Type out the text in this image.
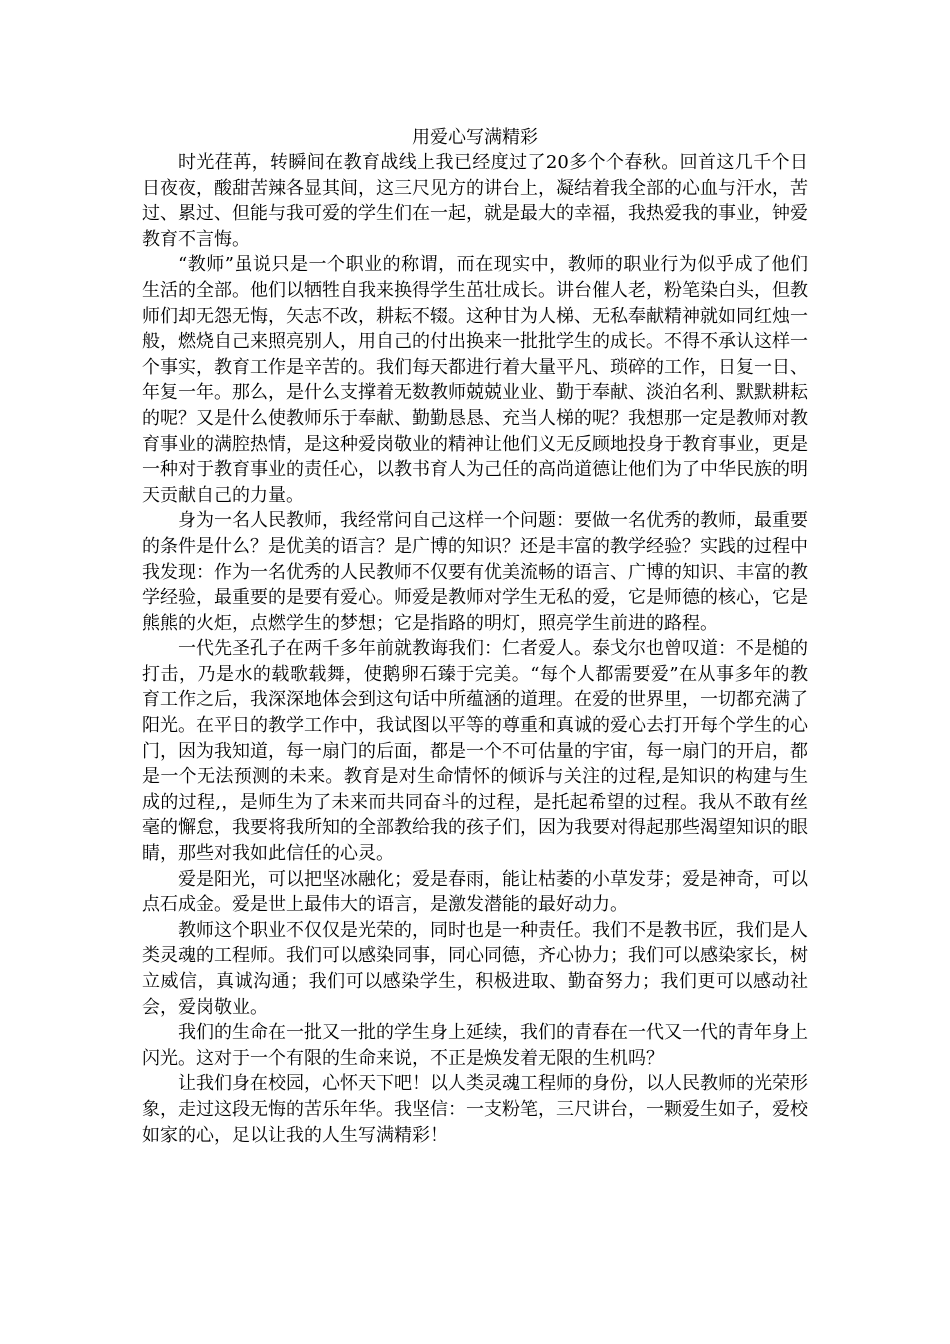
用爱心写满精彩

时光荏苒，转瞬间在教育战线上我已经度过了20多个个春秋。回首这几千个日日夜夜，酸甜苦辣各显其间，这三尺见方的讲台上，凝结着我全部的心血与汗水，苦过、累过、但能与我可爱的学生们在一起，就是最大的幸福，我热爱我的事业，钟爱教育不言悔。

“教师”虽说只是一个职业的称谓，而在现实中，教师的职业行为似乎成了他们生活的全部。他们以牺牲自我来换得学生茁壮成长。讲台催人老，粉笔染白头，但教师们却无怨无悔，矢志不改，耕耘不辍。这种甘为人梯、无私奉献精神就如同红烛一般，燃烧自己来照亮别人，用自己的付出换来一批批学生的成长。不得不承认这样一个事实，教育工作是辛苦的。我们每天都进行着大量平凡、琐碎的工作，日复一日、年复一年。那么，是什么支撑着无数教师兢兢业业、勤于奉献、淡泊名利、默默耕耘的呢？又是什么使教师乐于奉献、勤勤恳恳、充当人梯的呢？我想那一定是教师对教育事业的满腔热情，是这种爱岗敬业的精神让他们义无反顾地投身于教育事业，更是一种对于教育事业的责任心，以教书育人为己任的高尚道德让他们为了中华民族的明天贡献自己的力量。

身为一名人民教师，我经常问自己这样一个问题：要做一名优秀的教师，最重要的条件是什么？是优美的语言？是广博的知识？还是丰富的教学经验？实践的过程中我发现：作为一名优秀的人民教师不仅要有优美流畅的语言、广博的知识、丰富的教学经验，最重要的是要有爱心。师爱是教师对学生无私的爱，它是师德的核心，它是熊熊的火炬，点燃学生的梦想；它是指路的明灯，照亮学生前进的路程。

一代先圣孔子在两千多年前就教诲我们：仁者爱人。泰戈尔也曾叹道：不是槌的打击，乃是水的载歌载舞，使鹅卵石臻于完美。“每个人都需要爱”在从事多年的教育工作之后，我深深地体会到这句话中所蕴涵的道理。在爱的世界里，一切都充满了阳光。在平日的教学工作中，我试图以平等的尊重和真诚的爱心去打开每个学生的心门，因为我知道，每一扇门的后面，都是一个不可估量的宇宙，每一扇门的开启，都是一个无法预测的未来。教育是对生命情怀的倾诉与关注的过程,是知识的构建与生成的过程,，是师生为了未来而共同奋斗的过程，是托起希望的过程。我从不敢有丝毫的懈怠，我要将我所知的全部教给我的孩子们，因为我要对得起那些渴望知识的眼睛，那些对我如此信任的心灵。

爱是阳光，可以把坚冰融化；爱是春雨，能让枯萎的小草发芽；爱是神奇，可以点石成金。爱是世上最伟大的语言，是激发潜能的最好动力。

教师这个职业不仅仅是光荣的，同时也是一种责任。我们不是教书匠，我们是人类灵魂的工程师。我们可以感染同事，同心同德，齐心协力；我们可以感染家长，树立威信，真诚沟通；我们可以感染学生，积极进取、勤奋努力；我们更可以感动社会，爱岗敬业。

我们的生命在一批又一批的学生身上延续，我们的青春在一代又一代的青年身上闪光。这对于一个有限的生命来说，不正是焕发着无限的生机吗？

让我们身在校园，心怀天下吧！以人类灵魂工程师的身份，以人民教师的光荣形象，走过这段无悔的苦乐年华。我坚信：一支粉笔，三尺讲台，一颗爱生如子，爱校如家的心，足以让我的人生写满精彩！
